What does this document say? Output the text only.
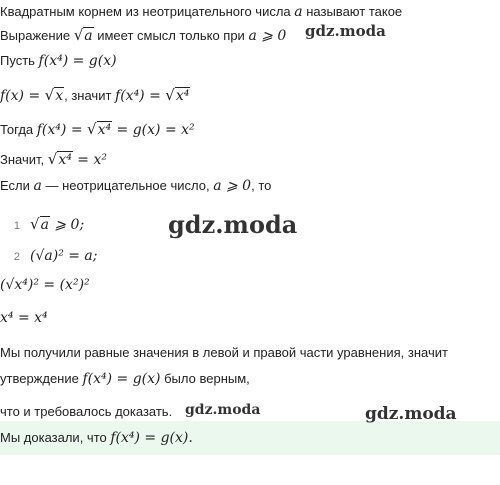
Квадратным корнем из неотрицательного числа a называют такое
Выражение √a имеет смысл только при a ⩾ 0
Пусть f(x⁴) = g(x)
f(x) = √x, значит f(x⁴) = √x⁴
Тогда f(x⁴) = √x⁴ = g(x) = x²
Значит, √x⁴ = x²
Если a — неотрицательное число, a ⩾ 0, то
1 √a ⩾ 0;
2 (√a)² = a;
(√x⁴)² = (x²)²
x⁴ = x⁴
Мы получили равные значения в левой и правой части уравнения, значит
утверждение f(x⁴) = g(x) было верным,
что и требовалось доказать.
Мы доказали, что f(x⁴) = g(x).
gdz.moda
gdz.moda
gdz.moda	gdz.moda
